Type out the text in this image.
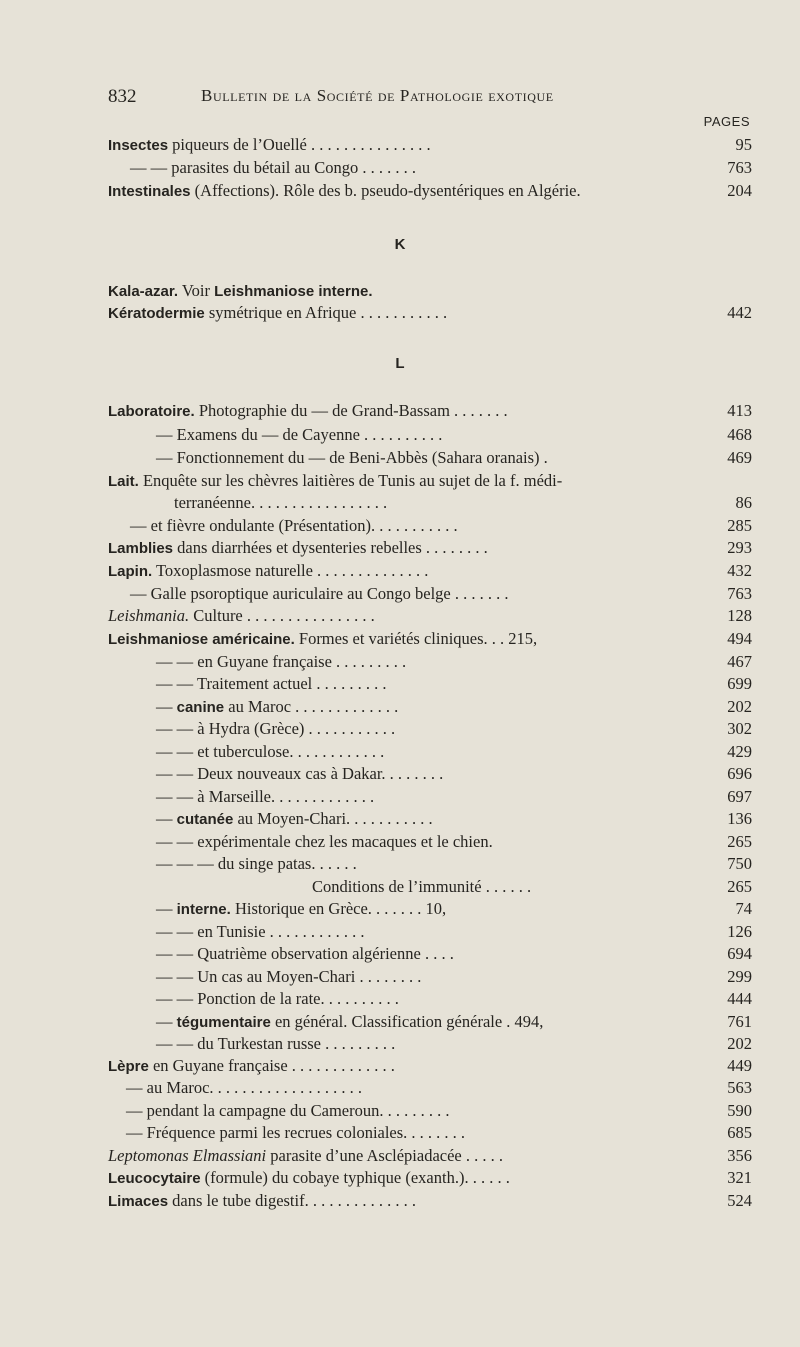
832	Bulletin de la Société de Pathologie exotique
PAGES
K
L
Insectes piqueurs de l’Ouellé . . . . . . . . . . . . . . .	95
— — parasites du bétail au Congo . . . . . . .	763
Intestinales (Affections). Rôle des b. pseudo-dysentériques en Algérie.	204
Kala-azar. Voir Leishmaniose interne.
Kératodermie symétrique en Afrique . . . . . . . . . . .	442
Laboratoire. Photographie du — de Grand-Bassam . . . . . . .	413
— Examens du — de Cayenne . . . . . . . . . .	468
— Fonctionnement du — de Beni-Abbès (Sahara oranais) .	469
Lait. Enquête sur les chèvres laitières de Tunis au sujet de la f. médi-
terranéenne. . . . . . . . . . . . . . . . .	86
— et fièvre ondulante (Présentation). . . . . . . . . . .	285
Lamblies dans diarrhées et dysenteries rebelles . . . . . . . .	293
Lapin. Toxoplasmose naturelle . . . . . . . . . . . . . .	432
— Galle psoroptique auriculaire au Congo belge . . . . . . .	763
Leishmania. Culture . . . . . . . . . . . . . . . .	128
Leishmaniose américaine. Formes et variétés cliniques. . . 215,	494
— — en Guyane française . . . . . . . . .	467
— — Traitement actuel . . . . . . . . .	699
— canine au Maroc . . . . . . . . . . . . .	202
— — à Hydra (Grèce) . . . . . . . . . . .	302
— — et tuberculose. . . . . . . . . . . .	429
— — Deux nouveaux cas à Dakar. . . . . . . .	696
— — à Marseille. . . . . . . . . . . . .	697
— cutanée au Moyen-Chari. . . . . . . . . . .	136
— — expérimentale chez les macaques et le chien.	265
— — — du singe patas. . . . . .	750
Conditions de l’immunité . . . . . .	265
— interne. Historique en Grèce. . . . . . . 10,	74
— — en Tunisie . . . . . . . . . . . .	126
— — Quatrième observation algérienne . . . .	694
— — Un cas au Moyen-Chari . . . . . . . .	299
— — Ponction de la rate. . . . . . . . . .	444
— tégumentaire en général. Classification générale . 494,	761
— — du Turkestan russe . . . . . . . . .	202
Lèpre en Guyane française . . . . . . . . . . . . .	449
— au Maroc. . . . . . . . . . . . . . . . . . .	563
— pendant la campagne du Cameroun. . . . . . . . .	590
— Fréquence parmi les recrues coloniales. . . . . . . .	685
Leptomonas Elmassiani parasite d’une Asclépiadacée . . . . .	356
Leucocytaire (formule) du cobaye typhique (exanth.). . . . . .	321
Limaces dans le tube digestif. . . . . . . . . . . . . .	524
